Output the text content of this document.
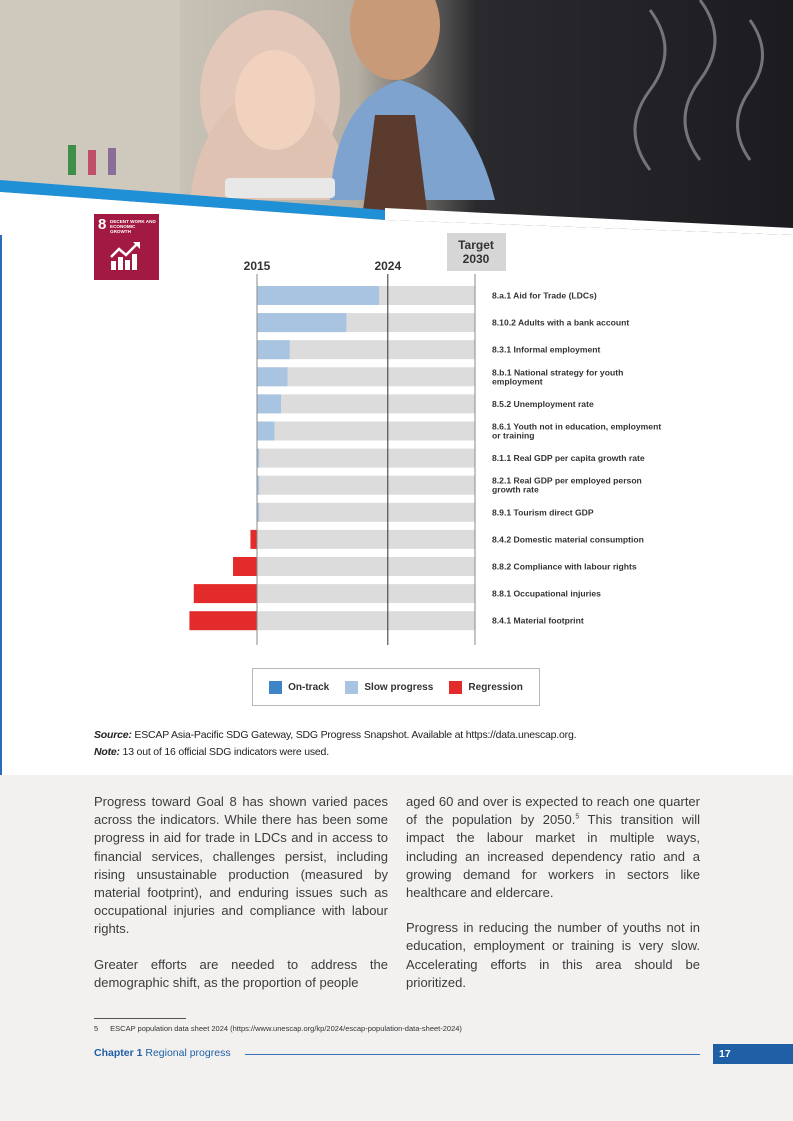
8 DECENT WORK AND ECONOMIC GROWTH
8.a.1 Aid for Trade (LDCs)
8.10.2 Adults with a bank account
8.3.1 Informal employment
8.b.1 National strategy for youth
employment
8.5.2 Unemployment rate
8.6.1 Youth not in education, employment
or training
8.1.1 Real GDP per capita growth rate
8.2.1 Real GDP per employed person
growth rate
8.9.1 Tourism direct GDP
8.4.2 Domestic material consumption
8.8.2 Compliance with labour rights
8.8.1 Occupational injuries
8.4.1 Material footprint
2015	2024
Target
2030
On-track	Slow progress	Regression
Source: ESCAP Asia-Pacific SDG Gateway, SDG Progress Snapshot. Available at https://data.unescap.org.
Note: 13 out of 16 official SDG indicators were used.

Progress toward Goal 8 has shown varied paces across the indicators. While there has been some progress in aid for trade in LDCs and in access to financial services, challenges persist, including rising unsustainable production (measured by material footprint), and enduring issues such as occupational injuries and compliance with labour rights.

Greater efforts are needed to address the demographic shift, as the proportion of people

aged 60 and over is expected to reach one quarter of the population by 2050.$^5$ This transition will impact the labour market in multiple ways, including an increased dependency ratio and a growing demand for workers in sectors like healthcare and eldercare.

Progress in reducing the number of youths not in education, employment or training is very slow. Accelerating efforts in this area should be prioritized.

5 ESCAP population data sheet 2024 (https://www.unescap.org/kp/2024/escap-population-data-sheet-2024)
Chapter 1 Regional progress	17
